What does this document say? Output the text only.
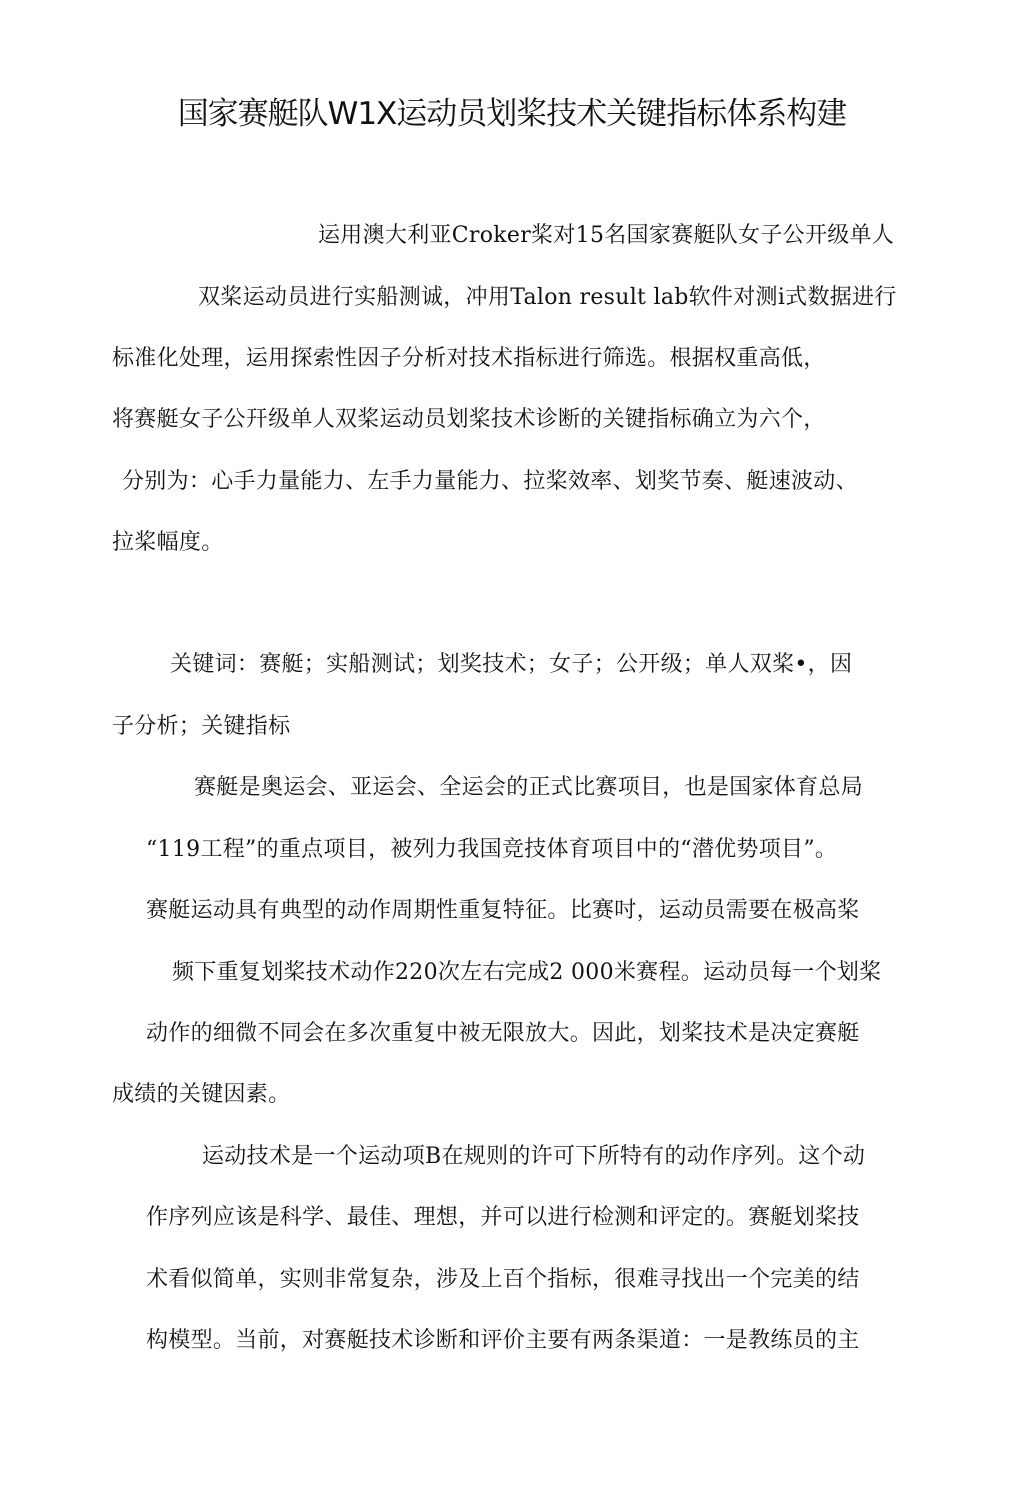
国家赛艇队W1X运动员划桨技术关键指标体系构建
运用澳大利亚Croker桨对15名国家赛艇队女子公开级单人
双桨运动员进行实船测诚，冲用Talon result lab软件对测i式数据进行
标准化处理，运用探索性因子分析对技术指标进行筛选。根据权重高低，
将赛艇女子公幵级单人双桨运动员划桨技术诊断的关键指标确立为六个，
分别为：心手力量能力、左手力量能力、拉桨效率、划奖节奏、艇速波动、
拉桨幅度。
关键词：赛艇；实船测试；划奖技术；女子；公开级；单人双桨•，因
子分析；关键指标
赛艇是奥运会、亚运会、全运会的正式比赛项目，也是国家体育总局
“119工程”的重点项目，被列力我国竞技体育项目中的“潜优势项目”。
赛艇运动具有典型的动作周期性重复特征。比赛吋，运动员需要在极高桨
频下重复划桨技术动作220次左右完成2 000米赛程。运动员每一个划桨
动作的细微不同会在多次重复中被无限放大。因此，划桨技术是决定赛艇
成绩的关键因素。
运动技术是一个运动项B在规则的许可下所特有的动作序列。这个动
作序列应该是科学、最佳、理想，并可以进行检测和评定的。赛艇划桨技
术看似简单，实则非常复杂，涉及上百个指标，很难寻找出一个完美的结
构模型。当前，对赛艇技术诊断和评价主要有两条渠道：一是教练员的主
